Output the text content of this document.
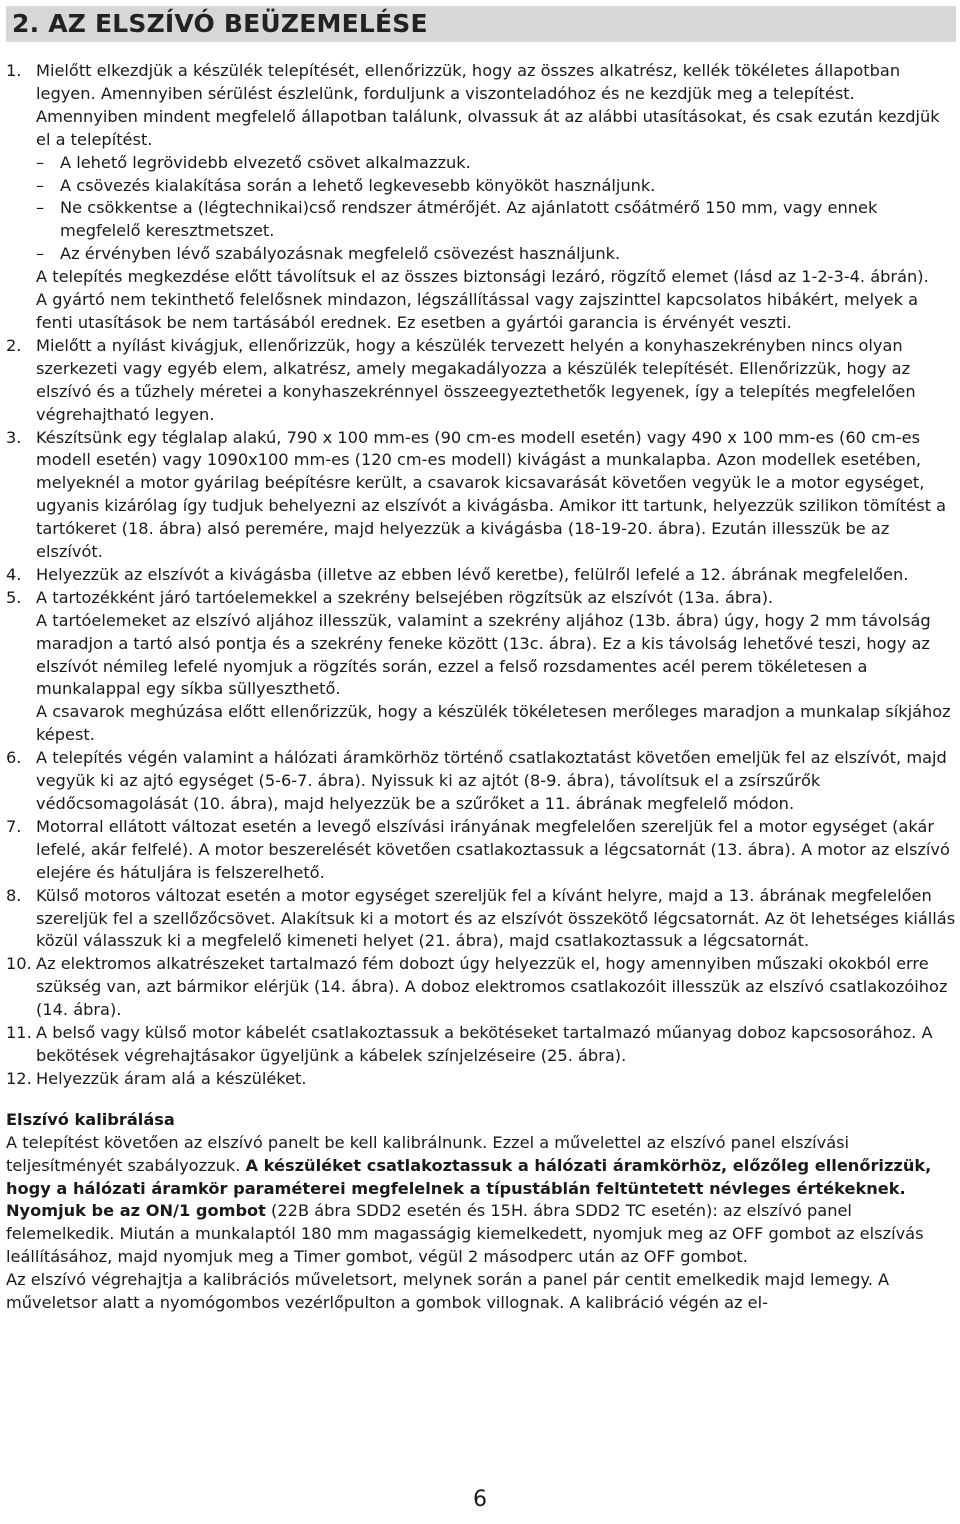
2. AZ ELSZÍVÓ BEÜZEMELÉSE
1. Mielőtt elkezdjük a készülék telepítését, ellenőrizzük, hogy az összes alkatrész, kellék tökéletes állapotban legyen. Amennyiben sérülést észlelünk, forduljunk a viszonteladóhoz és ne kezdjük meg a telepítést.

Amennyiben mindent megfelelő állapotban találunk, olvassuk át az alábbi utasításokat, és csak ezután kezdjük el a telepítést.

– A lehető legrövidebb elvezető csövet alkalmazzuk.
– A csövezés kialakítása során a lehető legkevesebb könyököt használjunk.
– Ne csökkentse a (légtechnikai)cső rendszer átmérőjét. Az ajánlatott csőátmérő 150 mm, vagy ennek megfelelő keresztmetszet.
– Az érvényben lévő szabályozásnak megfelelő csövezést használjunk.

A telepítés megkezdése előtt távolítsuk el az összes biztonsági lezáró, rögzítő elemet (lásd az 1-2-3-4. ábrán).

A gyártó nem tekinthető felelősnek mindazon, légszállítással vagy zajszinttel kapcsolatos hibákért, melyek a fenti utasítások be nem tartásából erednek. Ez esetben a gyártói garancia is érvényét veszti.

2. Mielőtt a nyílást kivágjuk, ellenőrizzük, hogy a készülék tervezett helyén a konyhaszekrényben nincs olyan szerkezeti vagy egyéb elem, alkatrész, amely megakadályozza a készülék telepítését. Ellenőrizzük, hogy az elszívó és a tűzhely méretei a konyhaszekrénnyel összeegyeztethetők legyenek, így a telepítés megfelelően végrehajtható legyen.

3. Készítsünk egy téglalap alakú, 790 x 100 mm-es (90 cm-es modell esetén) vagy 490 x 100 mm-es (60 cm-es modell esetén) vagy 1090x100 mm-es (120 cm-es modell) kivágást a munkalapba. Azon modellek esetében, melyeknél a motor gyárilag beépítésre került, a csavarok kicsavarását követően vegyük le a motor egységet, ugyanis kizárólag így tudjuk behelyezni az elszívót a kivágásba. Amikor itt tartunk, helyezzük szilikon tömítést a tartókeret (18. ábra) alsó peremére, majd helyezzük a kivágásba (18-19-20. ábra). Ezután illesszük be az elszívót.

4. Helyezzük az elszívót a kivágásba (illetve az ebben lévő keretbe), felülről lefelé a 12. ábrának megfelelően.

5. A tartozékként járó tartóelemekkel a szekrény belsejében rögzítsük az elszívót (13a. ábra).

A tartóelemeket az elszívó aljához illesszük, valamint a szekrény aljához (13b. ábra) úgy, hogy 2 mm távolság maradjon a tartó alsó pontja és a szekrény feneke között (13c. ábra). Ez a kis távolság lehetővé teszi, hogy az elszívót némileg lefelé nyomjuk a rögzítés során, ezzel a felső rozsdamentes acél perem tökéletesen a munkalappal egy síkba süllyeszthető.

A csavarok meghúzása előtt ellenőrizzük, hogy a készülék tökéletesen merőleges maradjon a munkalap síkjához képest.

6. A telepítés végén valamint a hálózati áramkörhöz történő csatlakoztatást követően emeljük fel az elszívót, majd vegyük ki az ajtó egységet (5-6-7. ábra). Nyissuk ki az ajtót (8-9. ábra), távolítsuk el a zsírszűrők védőcsomagolását (10. ábra), majd helyezzük be a szűrőket a 11. ábrának megfelelő módon.

7. Motorral ellátott változat esetén a levegő elszívási irányának megfelelően szereljük fel a motor egységet (akár lefelé, akár felfelé). A motor beszerelését követően csatlakoztassuk a légcsatornát (13. ábra). A motor az elszívó elejére és hátuljára is felszerelhető.

8. Külső motoros változat esetén a motor egységet szereljük fel a kívánt helyre, majd a 13. ábrának megfelelően szereljük fel a szellőzőcsövet. Alakítsuk ki a motort és az elszívót összekötő légcsatornát. Az öt lehetséges kiállás közül válasszuk ki a megfelelő kimeneti helyet (21. ábra), majd csatlakoztassuk a légcsatornát.

10. Az elektromos alkatrészeket tartalmazó fém dobozt úgy helyezzük el, hogy amennyiben műszaki okokból erre szükség van, azt bármikor elérjük (14. ábra). A doboz elektromos csatlakozóit illesszük az elszívó csatlakozóihoz (14. ábra).

11. A belső vagy külső motor kábelét csatlakoztassuk a bekötéseket tartalmazó műanyag doboz kapcsosorához. A bekötések végrehajtásakor ügyeljünk a kábelek színjelzéseire (25. ábra).

12. Helyezzük áram alá a készüléket.

Elszívó kalibrálása

A telepítést követően az elszívó panelt be kell kalibrálnunk. Ezzel a művelettel az elszívó panel elszívási teljesítményét szabályozzuk. A készüléket csatlakoztassuk a hálózati áramkörhöz, előzőleg ellenőrizzük, hogy a hálózati áramkör paraméterei megfelelnek a típustáblán feltüntetett névleges értékeknek. Nyomjuk be az ON/1 gombot (22B ábra SDD2 esetén és 15H. ábra SDD2 TC esetén): az elszívó panel felemelkedik. Miután a munkalaptól 180 mm magasságig kiemelkedett, nyomjuk meg az OFF gombot az elszívás leállításához, majd nyomjuk meg a Timer gombot, végül 2 másodperc után az OFF gombot.

Az elszívó végrehajtja a kalibrációs műveletsort, melynek során a panel pár centit emelkedik majd lemegy. A műveletsor alatt a nyomógombos vezérlőpulton a gombok villognak. A kalibráció végén az el-

6
